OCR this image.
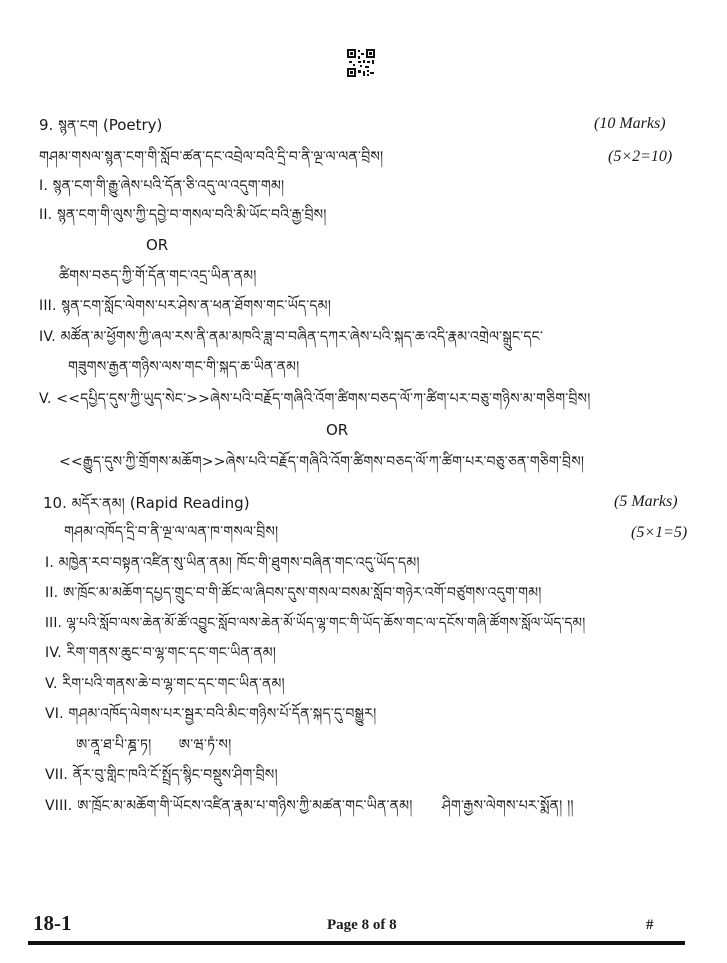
9. སྙན་ངག (Poetry)	(10 Marks)
གཤམ་གསལ་སྙན་ངག་གི་སློབ་ཚན་དང་འབྲེལ་བའི་དྲི་བ་ནི་ལྔ་ལ་ལན་བྲིས།	(5×2=10)
I. སྙན་ངག་གི་རྒྱུ་ཞེས་པའི་དོན་ཅི་འདུ་ལ་འདུག་གམ།
II. སྙན་ངག་གི་ལུས་ཀྱི་དབྱེ་བ་གསལ་བའི་མི་ཡོང་བའི་རྒྱ་བྲིས།
OR
ཚིགས་བཅད་ཀྱི་གོ་དོན་གང་འདྲ་ཡིན་ནམ།
III. སྙན་ངག་སློང་ལེགས་པར་ཤེས་ན་ཕན་ཐོགས་གང་ཡོད་དམ།
IV. མཚོན་མ་ཕྱོགས་ཀྱི་ཞལ་རས་ནི་ནམ་མཁའི་ཟླ་བ་བཞིན་དཀར་ཞེས་པའི་སྐད་ཆ་འདི་རྣམ་འགྲེལ་སྒྲུང་དང་
གཟུགས་རྒྱན་གཉིས་ལས་གང་གི་སྐད་ཆ་ཡིན་ནམ།
V. <<དཔྱིད་དུས་ཀྱི་ཡུད་སེང་>>ཞེས་པའི་བརྗོད་གཞིའི་འོག་ཚིགས་བཅད་ལོ་ཀ་ཚིག་པར་བཅུ་གཉིས་མ་གཅིག་བྲིས།
OR
<<རྒྱུད་དུས་ཀྱི་གྲོགས་མཆོག>>ཞེས་པའི་བརྗོད་གཞིའི་འོག་ཚིགས་བཅད་ལོ་ཀ་ཚིག་པར་བཅུ་ཅན་གཅིག་བྲིས།
10. མདོར་ནམ། (Rapid Reading)	(5 Marks)
གཤམ་འཁོད་དྲི་བ་ནི་ལྔ་ལ་ལན་ཁ་གསལ་བྲིས།	(5×1=5)
I. མཁྱེན་རབ་བསྟན་འཛིན་སུ་ཡིན་ནམ། ཁོང་གི་ཐུགས་བཞིན་གང་འདུ་ཡོད་དམ།
II. ཨ་ཁྲོང་མ་མཆོག་དཔྱད་གྲུང་བ་གི་ཚོང་ལ་ཞིབས་དུས་གསལ་བསམ་སློབ་གཉེར་འགོ་བཙུགས་འདུག་གམ།
III. ལྷ་པའི་སློབ་ལས་ཆེན་མོ་ཚོ་འབྱུང་སློབ་ལས་ཆེན་མོ་ཡོད་ལྷ་གང་གི་ཡོད་ཆོས་གང་ལ་དངོས་གཞི་ཚོགས་སློལ་ཡོད་དམ།
IV. རིག་གནས་ཆུང་བ་ལྷ་གང་དང་གང་ཡིན་ནམ།
V. རིག་པའི་གནས་ཆེ་བ་ལྷ་གང་དང་གང་ཡིན་ནམ།
VI. གཤམ་འཁོད་ལེགས་པར་སྦྱར་བའི་མིང་གཉིས་པོ་དོན་སྐད་དུ་བསྒྱུར།
ཨ་ནཱ་ཐ་པི་ཎྜ་ཏ། ཨ་ཝ་ཏཾ་ས།
VII. ནོར་བུ་གླིང་ཁའི་ངོ་སྤྲོད་སྙིང་བསྡུས་ཤིག་བྲིས།
VIII. ཨ་ཁྲོང་མ་མཆོག་གི་ཡོངས་འཛིན་རྣམ་པ་གཉིས་ཀྱི་མཚན་གང་ཡིན་ནམ། ཤིག་རྒྱས་ལེགས་པར་སྨོན། །།
18-1	Page 8 of 8	#
